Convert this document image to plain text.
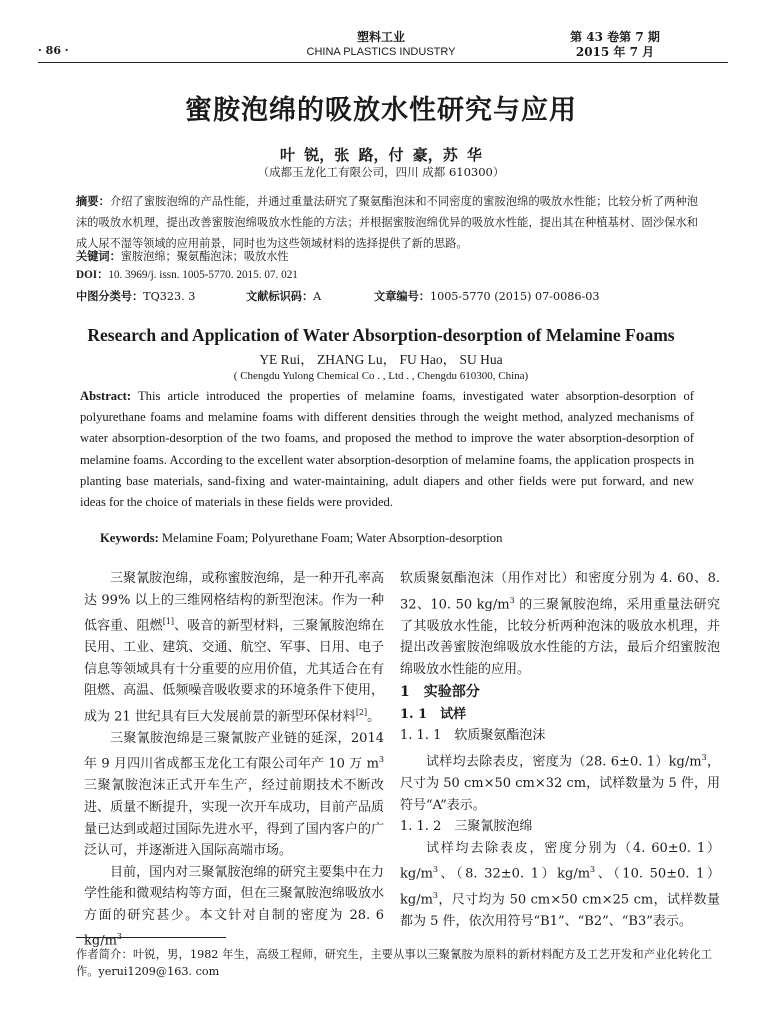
· 86 ·
塑料工业
CHINA PLASTICS INDUSTRY
第 43 卷第 7 期
2015 年 7 月
蜜胺泡绵的吸放水性研究与应用
叶 锐，张 路，付 豪，苏 华
（成都玉龙化工有限公司，四川 成都 610300）
摘要：介绍了蜜胺泡绵的产品性能，并通过重量法研究了聚氨酯泡沫和不同密度的蜜胺泡绵的吸放水性能；比较分析了两种泡沫的吸放水机理，提出改善蜜胺泡绵吸放水性能的方法；并根据蜜胺泡绵优异的吸放水性能，提出其在种植基材、固沙保水和成人尿不湿等领域的应用前景，同时也为这些领域材料的选择提供了新的思路。
关键词：蜜胺泡绵；聚氨酯泡沫；吸放水性
DOI：10. 3969/j. issn. 1005-5770. 2015. 07. 021
中图分类号：TQ323. 3	文献标识码：A	文章编号：1005-5770 (2015) 07-0086-03
Research and Application of Water Absorption-desorption of Melamine Foams
YE Rui， ZHANG Lu， FU Hao， SU Hua
( Chengdu Yulong Chemical Co . , Ltd . , Chengdu 610300, China)
Abstract: This article introduced the properties of melamine foams, investigated water absorption-desorption of polyurethane foams and melamine foams with different densities through the weight method, analyzed mechanisms of water absorption-desorption of the two foams, and proposed the method to improve the water absorption-desorption of melamine foams. According to the excellent water absorption-desorption of melamine foams, the application prospects in planting base materials, sand-fixing and water-maintaining, adult diapers and other fields were put forward, and new ideas for the choice of materials in these fields were provided.
Keywords: Melamine Foam; Polyurethane Foam; Water Absorption-desorption

三聚氰胺泡绵，或称蜜胺泡绵，是一种开孔率高达 99% 以上的三维网格结构的新型泡沫。作为一种低容重、阻燃[1]、吸音的新型材料，三聚氰胺泡绵在民用、工业、建筑、交通、航空、军事、日用、电子信息等领域具有十分重要的应用价值，尤其适合在有阻燃、高温、低频噪音吸收要求的环境条件下使用，成为 21 世纪具有巨大发展前景的新型环保材料[2]。

三聚氰胺泡绵是三聚氰胺产业链的延深，2014 年 9 月四川省成都玉龙化工有限公司年产 10 万 $m^3$三聚氰胺泡沫正式开车生产，经过前期技术不断改进、质量不断提升，实现一次开车成功，目前产品质量已达到或超过国际先进水平，得到了国内客户的广泛认可，并逐渐进入国际高端市场。

目前，国内对三聚氰胺泡绵的研究主要集中在力学性能和微观结构等方面，但在三聚氰胺泡绵吸放水方面的研究甚少。本文针对自制的密度为 28. 6 $kg/m^3$

软质聚氨酯泡沫（用作对比）和密度分别为 4. 60、8. 32、10. 50 $kg/m^3$ 的三聚氰胺泡绵，采用重量法研究了其吸放水性能，比较分析两种泡沫的吸放水机理，并提出改善蜜胺泡绵吸放水性能的方法，最后介绍蜜胺泡绵吸放水性能的应用。

1　实验部分
1. 1　试样
1. 1. 1　软质聚氨酯泡沫

试样均去除表皮，密度为（28. 6±0. $1)kg/m^3$，尺寸为 50 cm×50 cm×32 cm，试样数量为 5 件，用符号“A”表示。

1. 1. 2　三聚氰胺泡绵

试样均去除表皮，密度分别为（4. 60±0. $1)kg/m^3$、（8. 32±0. $1)kg/m^3$、（10. 50±0. $1)kg/m^3$，尺寸均为 50 cm×50 cm×25 cm，试样数量都为 5 件，依次用符号“B1”、“B2”、“B3”表示。

作者简介：叶锐，男，1982 年生，高级工程师，研究生，主要从事以三聚氰胺为原料的新材料配方及工艺开发和产业化转化工作。yerui1209@163. com
